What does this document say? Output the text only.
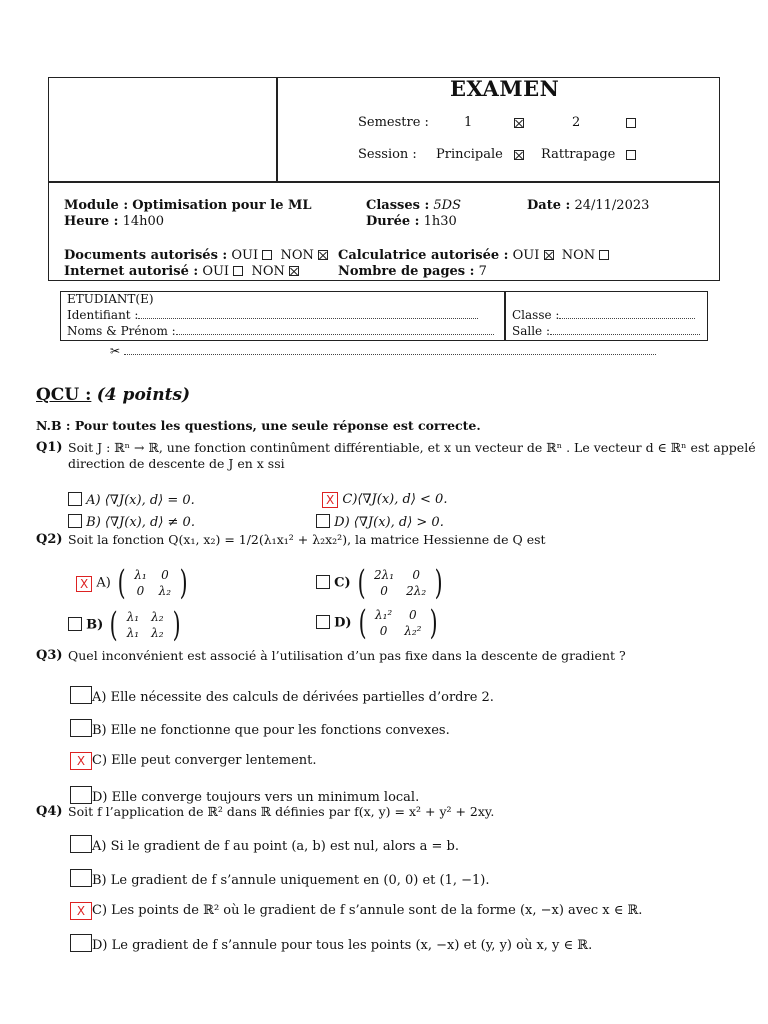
EXAMEN
Semestre :	1	2
Session : Principale	Rattrapage
Module : Optimisation pour le ML	Classes : 5DS	Date : 24/11/2023
Heure : 14h00	Durée : 1h30
Documents autorisés : OUI NON
Internet autorisé : OUI NON
Calculatrice autorisée : OUI NON
Nombre de pages : 7
ETUDIANT(E)
Identifiant :
Noms & Prénom :
Classe :
Salle :
✂
QCU : (4 points)
N.B : Pour toutes les questions, une seule réponse est correcte.
Q1) Soit J : ℝⁿ → ℝ, une fonction continûment différentiable, et x un vecteur de ℝⁿ . Le vecteur d ∈ ℝⁿ est appelé
direction de descente de J en x ssi
A) ⟨∇J(x), d⟩ = 0.
B) ⟨∇J(x), d⟩ ≠ 0.
X C)⟨∇J(x), d⟩ < 0.
D) ⟨∇J(x), d⟩ > 0.
Q2) Soit la fonction Q(x₁, x₂) = 1/2(λ₁x₁² + λ₂x₂²), la matrice Hessienne de Q est
X A) ( λ₁	0
0	λ₂ )
B) ( λ₁	λ₂
λ₁	λ₂ )
C) ( 2λ₁	0
0	2λ₂ )
D) ( λ₁²	0
0	λ₂² )
Q3) Quel inconvénient est associé à l’utilisation d’un pas fixe dans la descente de gradient ?
A) Elle nécessite des calculs de dérivées partielles d’ordre 2.
B) Elle ne fonctionne que pour les fonctions convexes.
X C) Elle peut converger lentement.
D) Elle converge toujours vers un minimum local.
Q4) Soit f l’application de ℝ² dans ℝ définies par f(x, y) = x² + y² + 2xy.
A) Si le gradient de f au point (a, b) est nul, alors a = b.
B) Le gradient de f s’annule uniquement en (0, 0) et (1, −1).
X C) Les points de ℝ² où le gradient de f s’annule sont de la forme (x, −x) avec x ∈ ℝ.
D) Le gradient de f s’annule pour tous les points (x, −x) et (y, y) où x, y ∈ ℝ.
